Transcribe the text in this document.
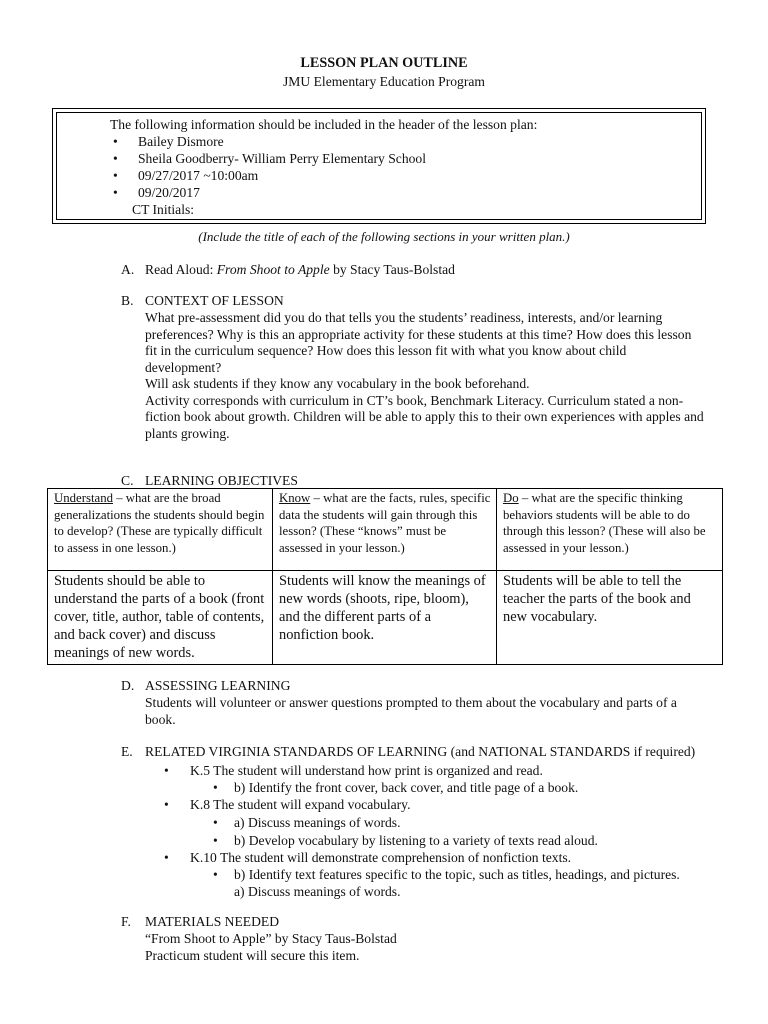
LESSON PLAN OUTLINE
JMU Elementary Education Program
The following information should be included in the header of the lesson plan:
• Bailey Dismore
• Sheila Goodberry- William Perry Elementary School
• 09/27/2017 ~10:00am
• 09/20/2017
CT Initials:
(Include the title of each of the following sections in your written plan.)
A. Read Aloud: From Shoot to Apple by Stacy Taus-Bolstad
B. CONTEXT OF LESSON
What pre-assessment did you do that tells you the students’ readiness, interests, and/or learning
preferences? Why is this an appropriate activity for these students at this time? How does this lesson
fit in the curriculum sequence? How does this lesson fit with what you know about child
development?
Will ask students if they know any vocabulary in the book beforehand.
Activity corresponds with curriculum in CT’s book, Benchmark Literacy. Curriculum stated a non-
fiction book about growth. Children will be able to apply this to their own experiences with apples and
plants growing.
C. LEARNING OBJECTIVES
Understand – what are the broad generalizations the students should begin to develop? (These are typically difficult to assess in one lesson.)	Know – what are the facts, rules, specific data the students will gain through this lesson? (These “knows” must be assessed in your lesson.)	Do – what are the specific thinking behaviors students will be able to do through this lesson? (These will also be assessed in your lesson.)
Students should be able to understand the parts of a book (front cover, title, author, table of contents, and back cover) and discuss meanings of new words.	Students will know the meanings of new words (shoots, ripe, bloom), and the different parts of a nonfiction book.	Students will be able to tell the teacher the parts of the book and new vocabulary.
D. ASSESSING LEARNING
Students will volunteer or answer questions prompted to them about the vocabulary and parts of a
book.
E. RELATED VIRGINIA STANDARDS OF LEARNING (and NATIONAL STANDARDS if required)
• K.5 The student will understand how print is organized and read.
• b) Identify the front cover, back cover, and title page of a book.
• K.8 The student will expand vocabulary.
• a) Discuss meanings of words.
• b) Develop vocabulary by listening to a variety of texts read aloud.
• K.10 The student will demonstrate comprehension of nonfiction texts.
• b) Identify text features specific to the topic, such as titles, headings, and pictures.
a) Discuss meanings of words.
F. MATERIALS NEEDED
“From Shoot to Apple” by Stacy Taus-Bolstad
Practicum student will secure this item.
